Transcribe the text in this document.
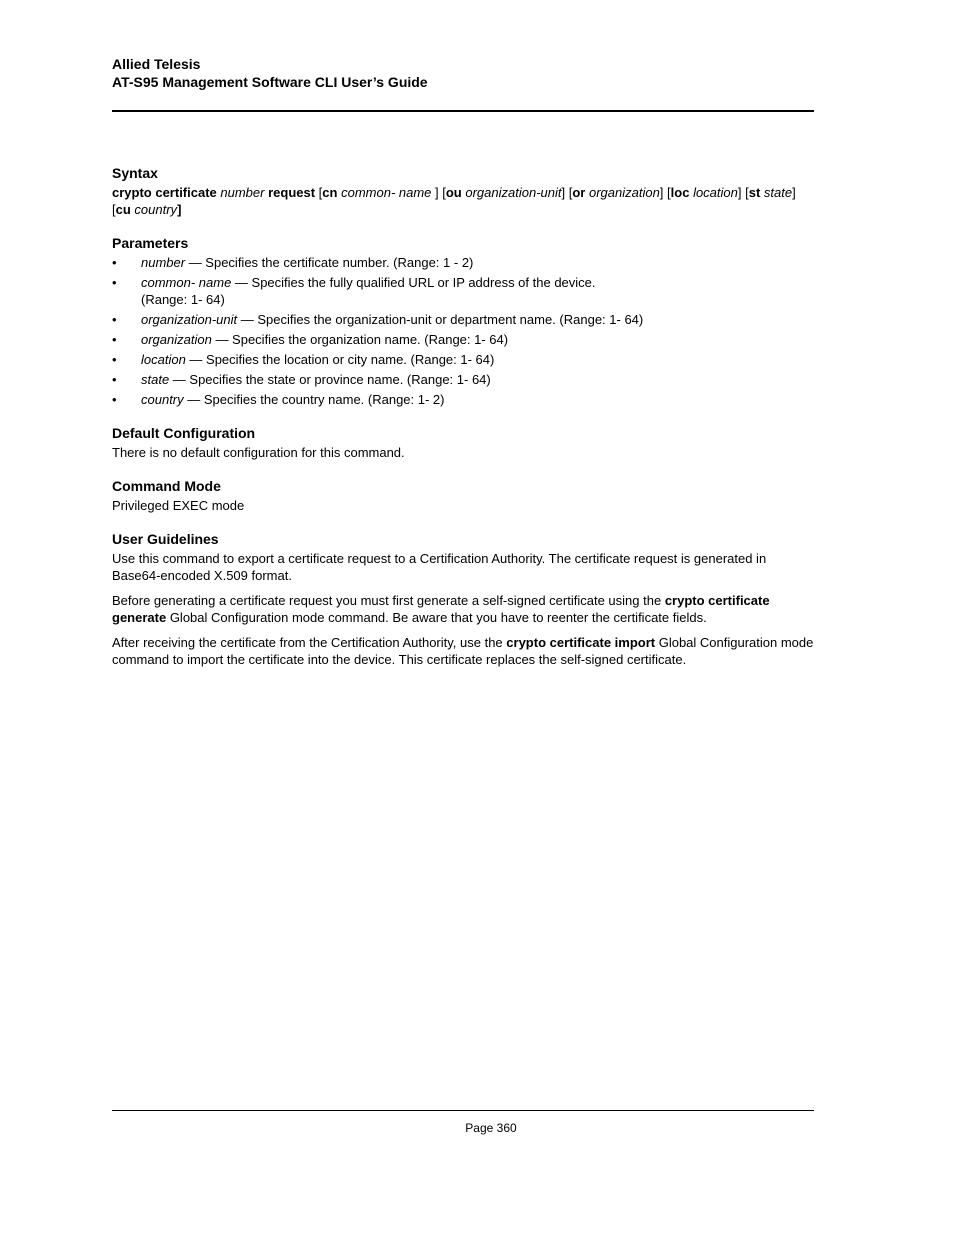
Allied Telesis
AT-S95 Management Software CLI User’s Guide
Syntax
crypto certificate number request [cn common- name ] [ou organization-unit] [or organization] [loc location] [st state] [cu country]
Parameters
• number — Specifies the certificate number. (Range: 1 - 2)
• common- name — Specifies the fully qualified URL or IP address of the device.
(Range: 1- 64)
• organization-unit — Specifies the organization-unit or department name. (Range: 1- 64)
• organization — Specifies the organization name. (Range: 1- 64)
• location — Specifies the location or city name. (Range: 1- 64)
• state — Specifies the state or province name. (Range: 1- 64)
• country — Specifies the country name. (Range: 1- 2)
Default Configuration

There is no default configuration for this command.

Command Mode

Privileged EXEC mode

User Guidelines

Use this command to export a certificate request to a Certification Authority. The certificate request is generated in Base64-encoded X.509 format.

Before generating a certificate request you must first generate a self-signed certificate using the crypto certificate generate Global Configuration mode command. Be aware that you have to reenter the certificate fields.

After receiving the certificate from the Certification Authority, use the crypto certificate import Global Configuration mode command to import the certificate into the device. This certificate replaces the self-signed certificate.

Page 360
